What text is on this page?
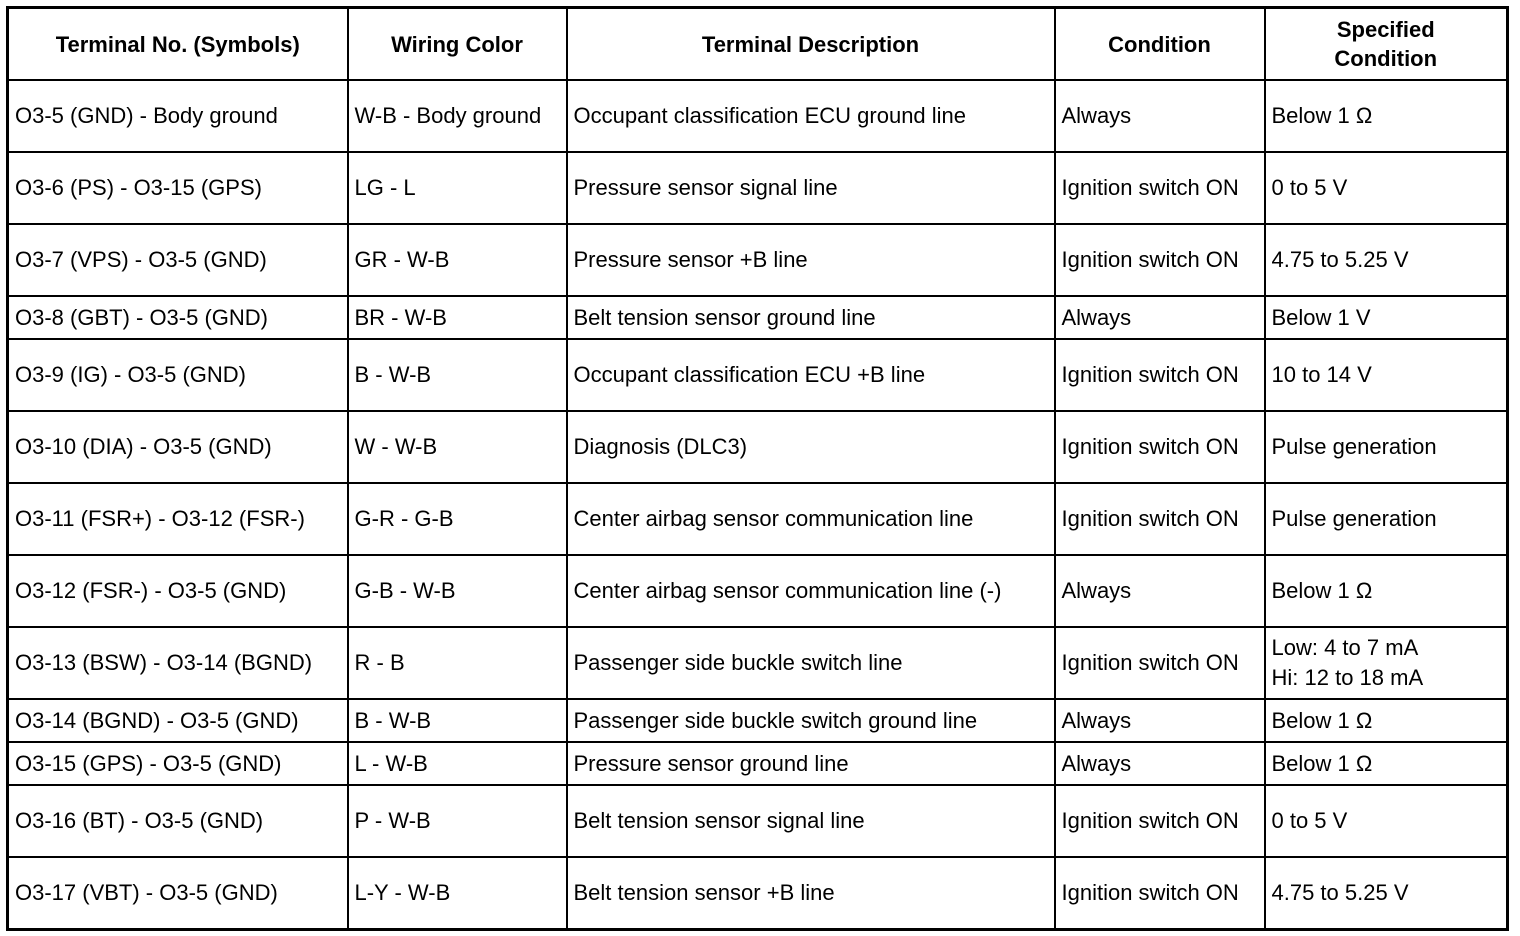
Terminal No. (Symbols)	Wiring Color	Terminal Description	Condition	Specified Condition
O3-5 (GND) - Body ground	W-B - Body ground	Occupant classification ECU ground line	Always	Below 1 Ω
O3-6 (PS) - O3-15 (GPS)	LG - L	Pressure sensor signal line	Ignition switch ON	0 to 5 V
O3-7 (VPS) - O3-5 (GND)	GR - W-B	Pressure sensor +B line	Ignition switch ON	4.75 to 5.25 V
O3-8 (GBT) - O3-5 (GND)	BR - W-B	Belt tension sensor ground line	Always	Below 1 V
O3-9 (IG) - O3-5 (GND)	B - W-B	Occupant classification ECU +B line	Ignition switch ON	10 to 14 V
O3-10 (DIA) - O3-5 (GND)	W - W-B	Diagnosis (DLC3)	Ignition switch ON	Pulse generation
O3-11 (FSR+) - O3-12 (FSR-)	G-R - G-B	Center airbag sensor communication line	Ignition switch ON	Pulse generation
O3-12 (FSR-) - O3-5 (GND)	G-B - W-B	Center airbag sensor communication line (-)	Always	Below 1 Ω
O3-13 (BSW) - O3-14 (BGND)	R - B	Passenger side buckle switch line	Ignition switch ON	Low: 4 to 7 mA
Hi: 12 to 18 mA

O3-14 (BGND) - O3-5 (GND)	B - W-B	Passenger side buckle switch ground line	Always	Below 1 Ω
O3-15 (GPS) - O3-5 (GND)	L - W-B	Pressure sensor ground line	Always	Below 1 Ω
O3-16 (BT) - O3-5 (GND)	P - W-B	Belt tension sensor signal line	Ignition switch ON	0 to 5 V
O3-17 (VBT) - O3-5 (GND)	L-Y - W-B	Belt tension sensor +B line	Ignition switch ON	4.75 to 5.25 V
